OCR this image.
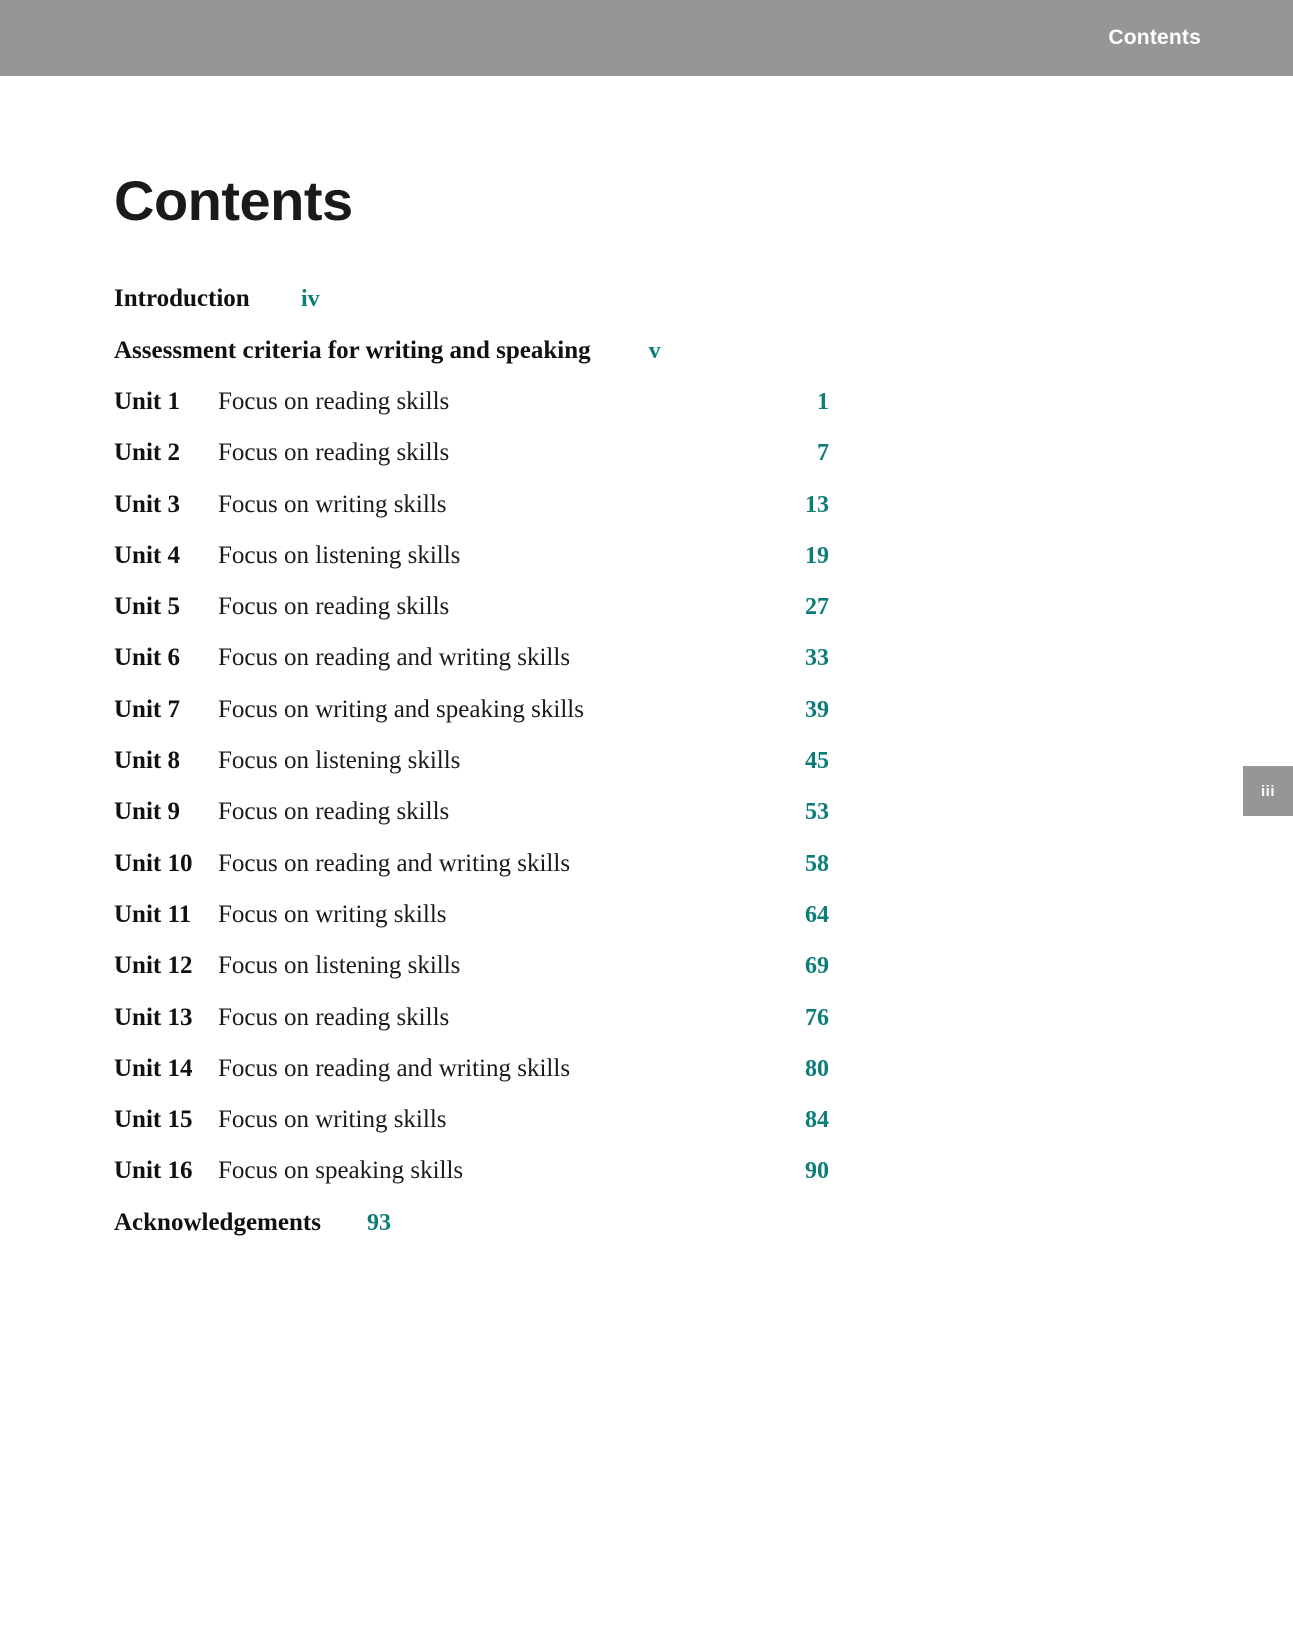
Contents
Contents
Introduction	iv
Assessment criteria for writing and speaking	v
Unit 1	Focus on reading skills	1
Unit 2	Focus on reading skills	7
Unit 3	Focus on writing skills	13
Unit 4	Focus on listening skills	19
Unit 5	Focus on reading skills	27
Unit 6	Focus on reading and writing skills	33
Unit 7	Focus on writing and speaking skills	39
Unit 8	Focus on listening skills	45
Unit 9	Focus on reading skills	53
Unit 10	Focus on reading and writing skills	58
Unit 11	Focus on writing skills	64
Unit 12	Focus on listening skills	69
Unit 13	Focus on reading skills	76
Unit 14	Focus on reading and writing skills	80
Unit 15	Focus on writing skills	84
Unit 16	Focus on speaking skills	90
Acknowledgements	93
iii
